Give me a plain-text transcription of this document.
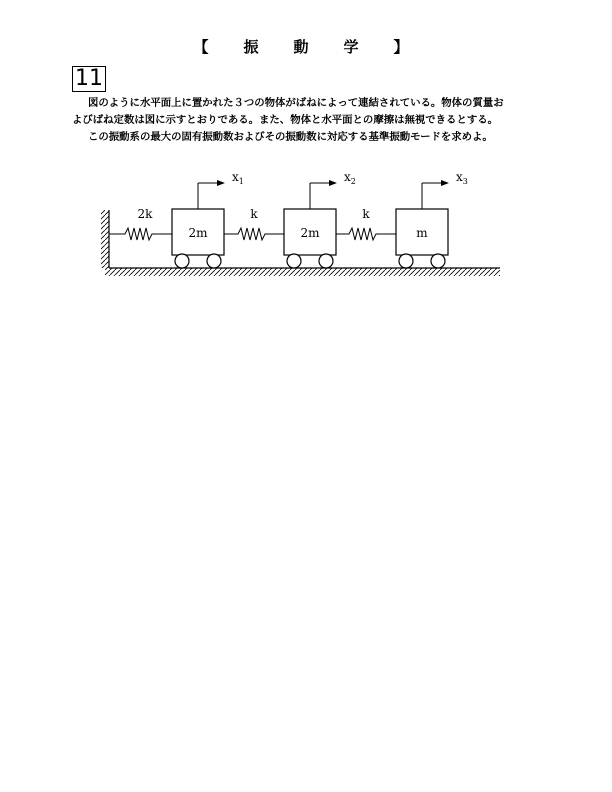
【　振　動　学　】
11

図のように水平面上に置かれた３つの物体がばねによって連結されている。物体の質量お

よびばね定数は図に示すとおりである。また、物体と水平面との摩擦は無視できるとする。

この振動系の最大の固有振動数およびその振動数に対応する基準振動モードを求めよ。

2k	k	k
2m	2m	m
$x_1$	$x_2$	$x_3$
